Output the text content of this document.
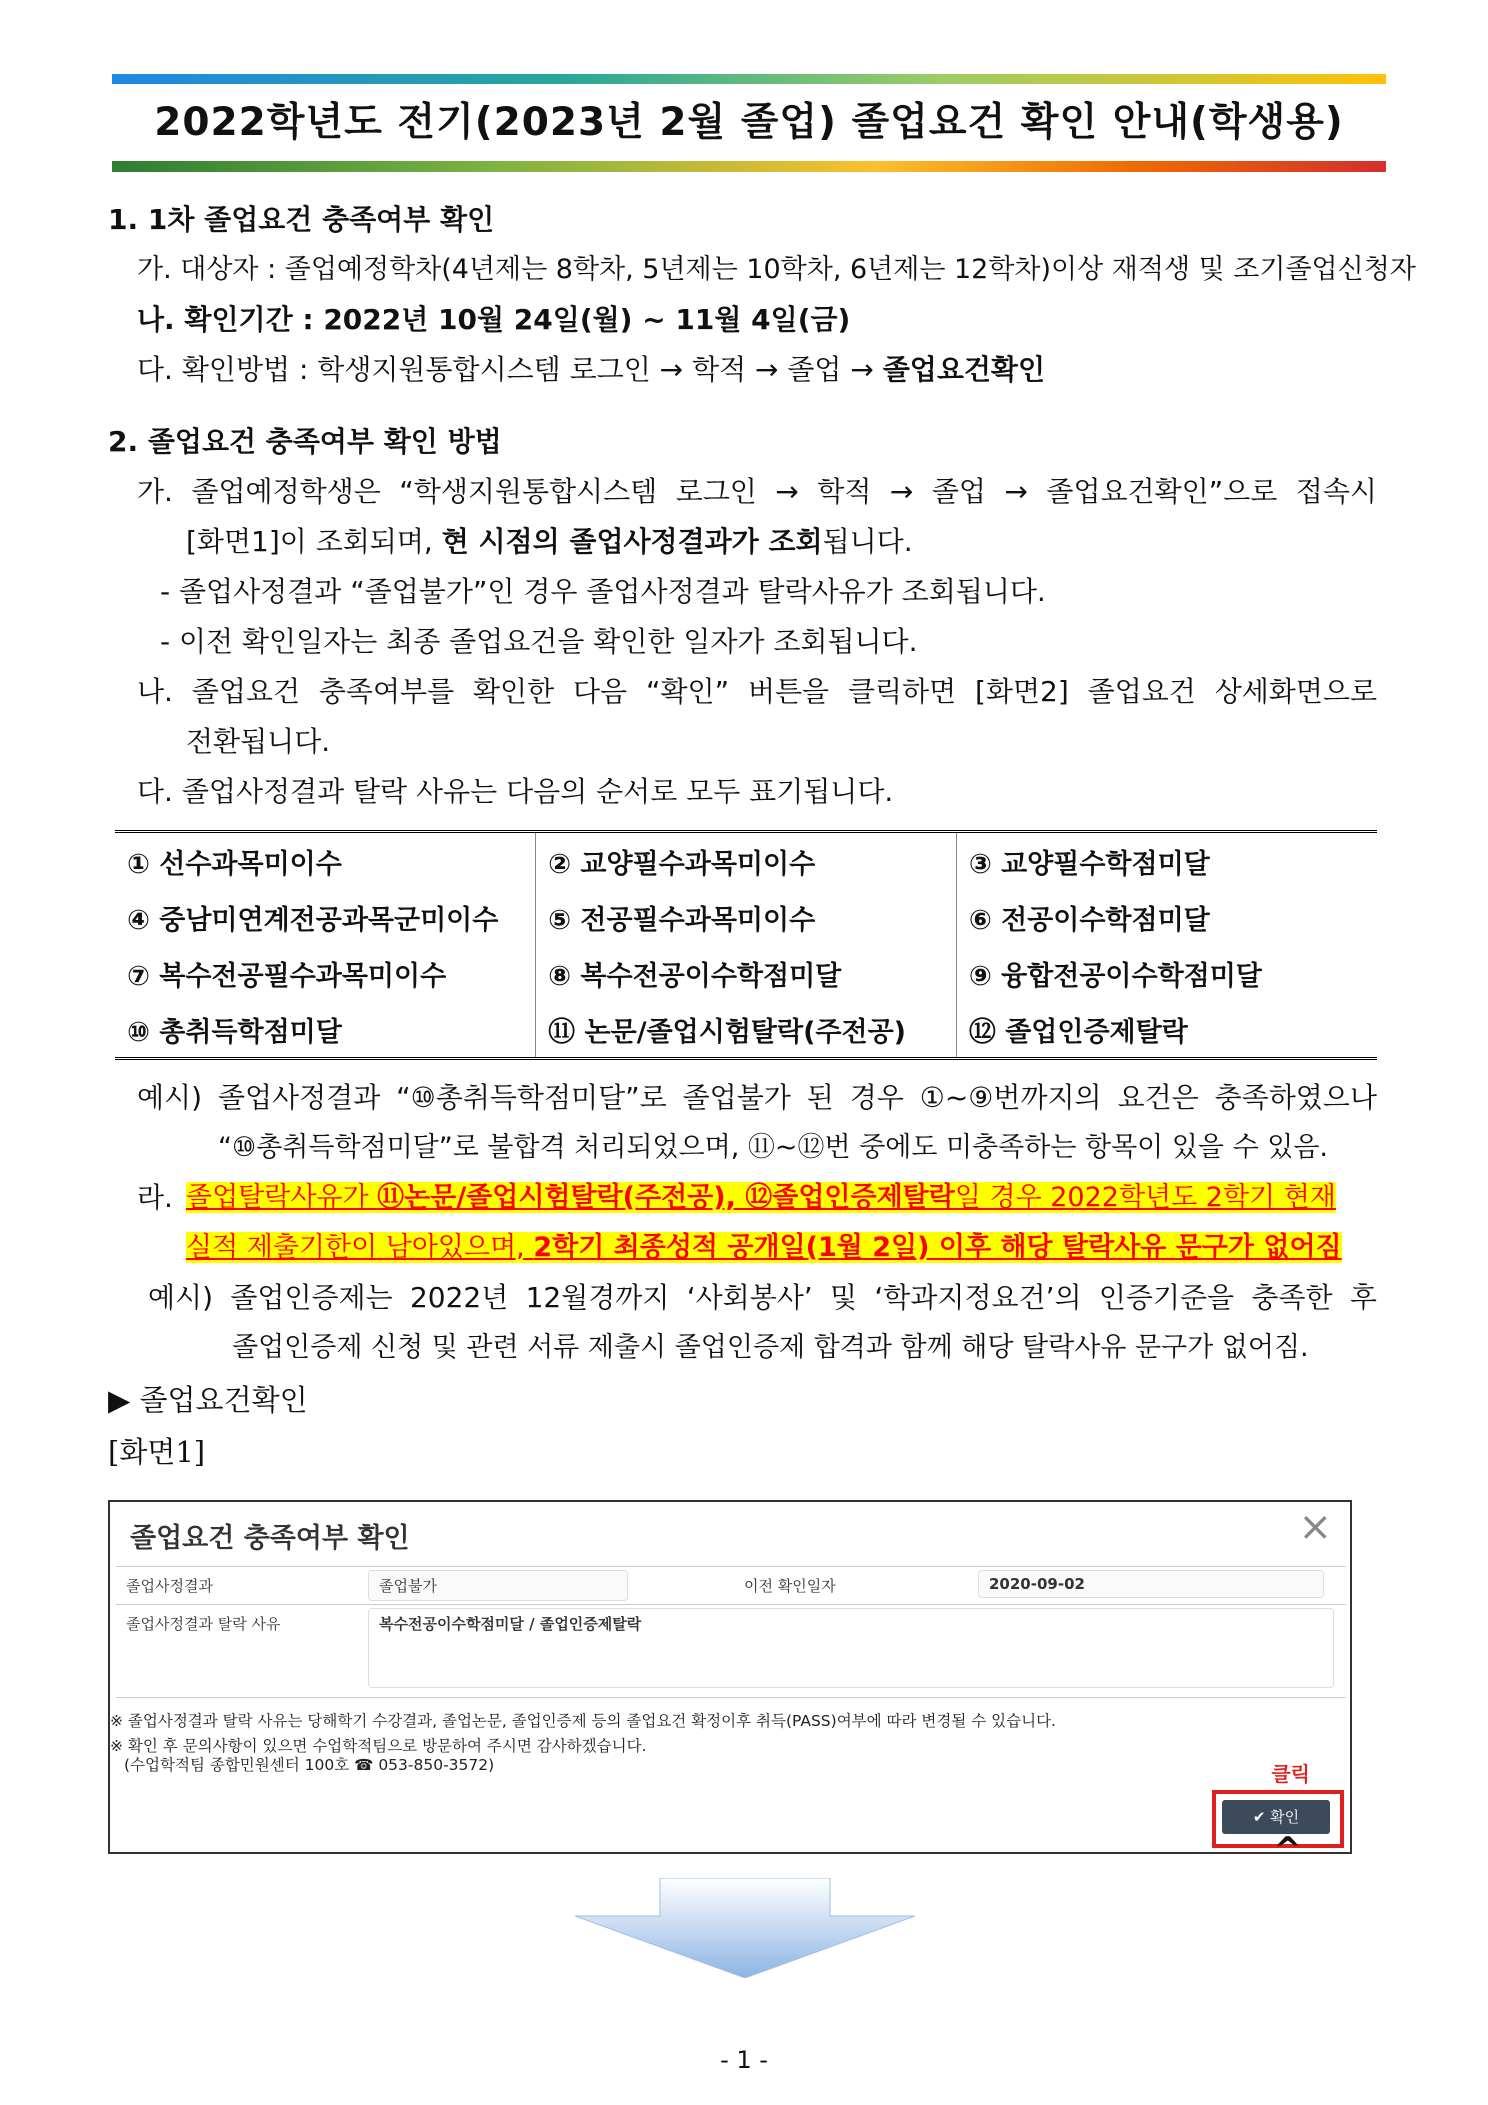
2022학년도 전기(2023년 2월 졸업) 졸업요건 확인 안내(학생용)
1. 1차 졸업요건 충족여부 확인
가. 대상자 : 졸업예정학차(4년제는 8학차, 5년제는 10학차, 6년제는 12학차)이상 재적생 및 조기졸업신청자
나. 확인기간 : 2022년 10월 24일(월) ~ 11월 4일(금)
다. 확인방법 : 학생지원통합시스템 로그인 → 학적 → 졸업 → 졸업요건확인
2. 졸업요건 충족여부 확인 방법
가. 졸업예정학생은 “학생지원통합시스템 로그인 → 학적 → 졸업 → 졸업요건확인”으로 접속시
[화면1]이 조회되며, 현 시점의 졸업사정결과가 조회됩니다.
- 졸업사정결과 “졸업불가”인 경우 졸업사정결과 탈락사유가 조회됩니다.
- 이전 확인일자는 최종 졸업요건을 확인한 일자가 조회됩니다.
나. 졸업요건 충족여부를 확인한 다음 “확인” 버튼을 클릭하면 [화면2] 졸업요건 상세화면으로
전환됩니다.
다. 졸업사정결과 탈락 사유는 다음의 순서로 모두 표기됩니다.
① 선수과목미이수	② 교양필수과목미이수	③ 교양필수학점미달
④ 중남미연계전공과목군미이수	⑤ 전공필수과목미이수	⑥ 전공이수학점미달
⑦ 복수전공필수과목미이수	⑧ 복수전공이수학점미달	⑨ 융합전공이수학점미달
⑩ 총취득학점미달	⑪ 논문/졸업시험탈락(주전공)	⑫ 졸업인증제탈락
예시) 졸업사정결과 “⑩총취득학점미달”로 졸업불가 된 경우 ①~⑨번까지의 요건은 충족하였으나
“⑩총취득학점미달”로 불합격 처리되었으며, ⑪~⑫번 중에도 미충족하는 항목이 있을 수 있음.
라. 졸업탈락사유가 ⑪논문/졸업시험탈락(주전공), ⑫졸업인증제탈락일 경우 2022학년도 2학기 현재
실적 제출기한이 남아있으며, 2학기 최종성적 공개일(1월 2일) 이후 해당 탈락사유 문구가 없어짐
예시) 졸업인증제는 2022년 12월경까지 ‘사회봉사’ 및 ‘학과지정요건’의 인증기준을 충족한 후
졸업인증제 신청 및 관련 서류 제출시 졸업인증제 합격과 함께 해당 탈락사유 문구가 없어짐.
▶ 졸업요건확인
[화면1]
졸업요건 충족여부 확인	×
졸업사정결과	졸업불가	이전 확인일자	2020-09-02
졸업사정결과 탈락 사유	복수전공이수학점미달 / 졸업인증제탈락
※ 졸업사정결과 탈락 사유는 당해학기 수강결과, 졸업논문, 졸업인증제 등의 졸업요건 확정이후 취득(PASS)여부에 따라 변경될 수 있습니다.
※ 확인 후 문의사항이 있으면 수업학적팀으로 방문하여 주시면 감사하겠습니다.
(수업학적팀 종합민원센터 100호 ☎ 053-850-3572)	클릭
✔ 확인
^
- 1 -
